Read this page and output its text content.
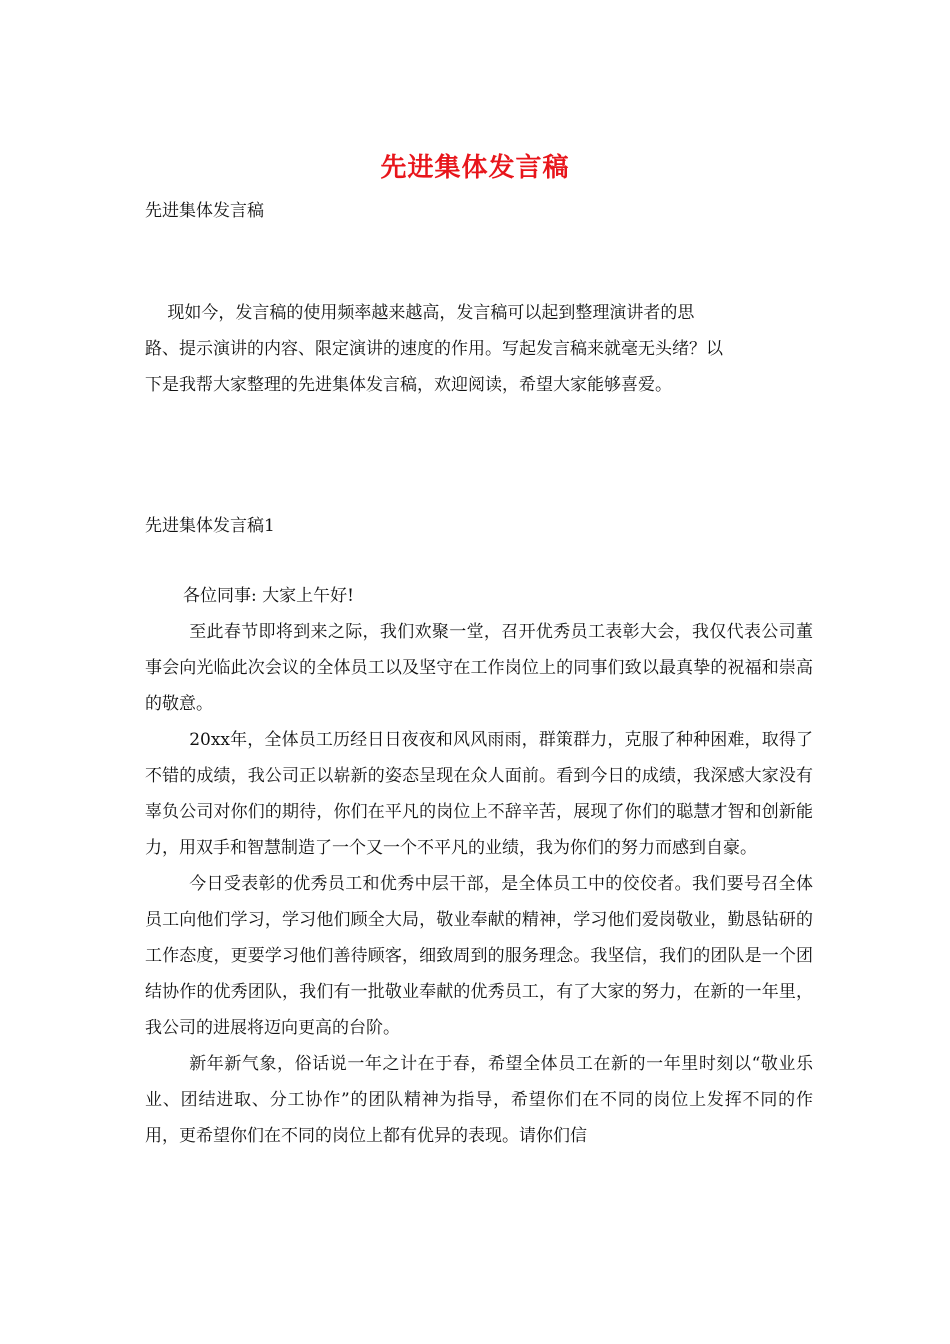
先进集体发言稿
先进集体发言稿
　 现如今，发言稿的使用频率越来越高，发言稿可以起到整理演讲者的思
路、提示演讲的内容、限定演讲的速度的作用。写起发言稿来就毫无头绪？以
下是我帮大家整理的先进集体发言稿，欢迎阅读，希望大家能够喜爱。
先进集体发言稿1
各位同事: 大家上午好!

至此春节即将到来之际，我们欢聚一堂，召开优秀员工表彰大会，我仅代表公司董事会向光临此次会议的全体员工以及坚守在工作岗位上的同事们致以最真挚的祝福和崇高的敬意。

20xx年，全体员工历经日日夜夜和风风雨雨，群策群力，克服了种种困难，取得了不错的成绩，我公司正以崭新的姿态呈现在众人面前。看到今日的成绩，我深感大家没有辜负公司对你们的期待，你们在平凡的岗位上不辞辛苦，展现了你们的聪慧才智和创新能力，用双手和智慧制造了一个又一个不平凡的业绩，我为你们的努力而感到自豪。

今日受表彰的优秀员工和优秀中层干部，是全体员工中的佼佼者。我们要号召全体员工向他们学习，学习他们顾全大局，敬业奉献的精神，学习他们爱岗敬业，勤恳钻研的工作态度，更要学习他们善待顾客，细致周到的服务理念。我坚信，我们的团队是一个团结协作的优秀团队，我们有一批敬业奉献的优秀员工，有了大家的努力，在新的一年里，我公司的进展将迈向更高的台阶。

新年新气象，俗话说一年之计在于春，希望全体员工在新的一年里时刻以“敬业乐业、团结进取、分工协作”的团队精神为指导，希望你们在不同的岗位上发挥不同的作用，更希望你们在不同的岗位上都有优异的表现。请你们信
